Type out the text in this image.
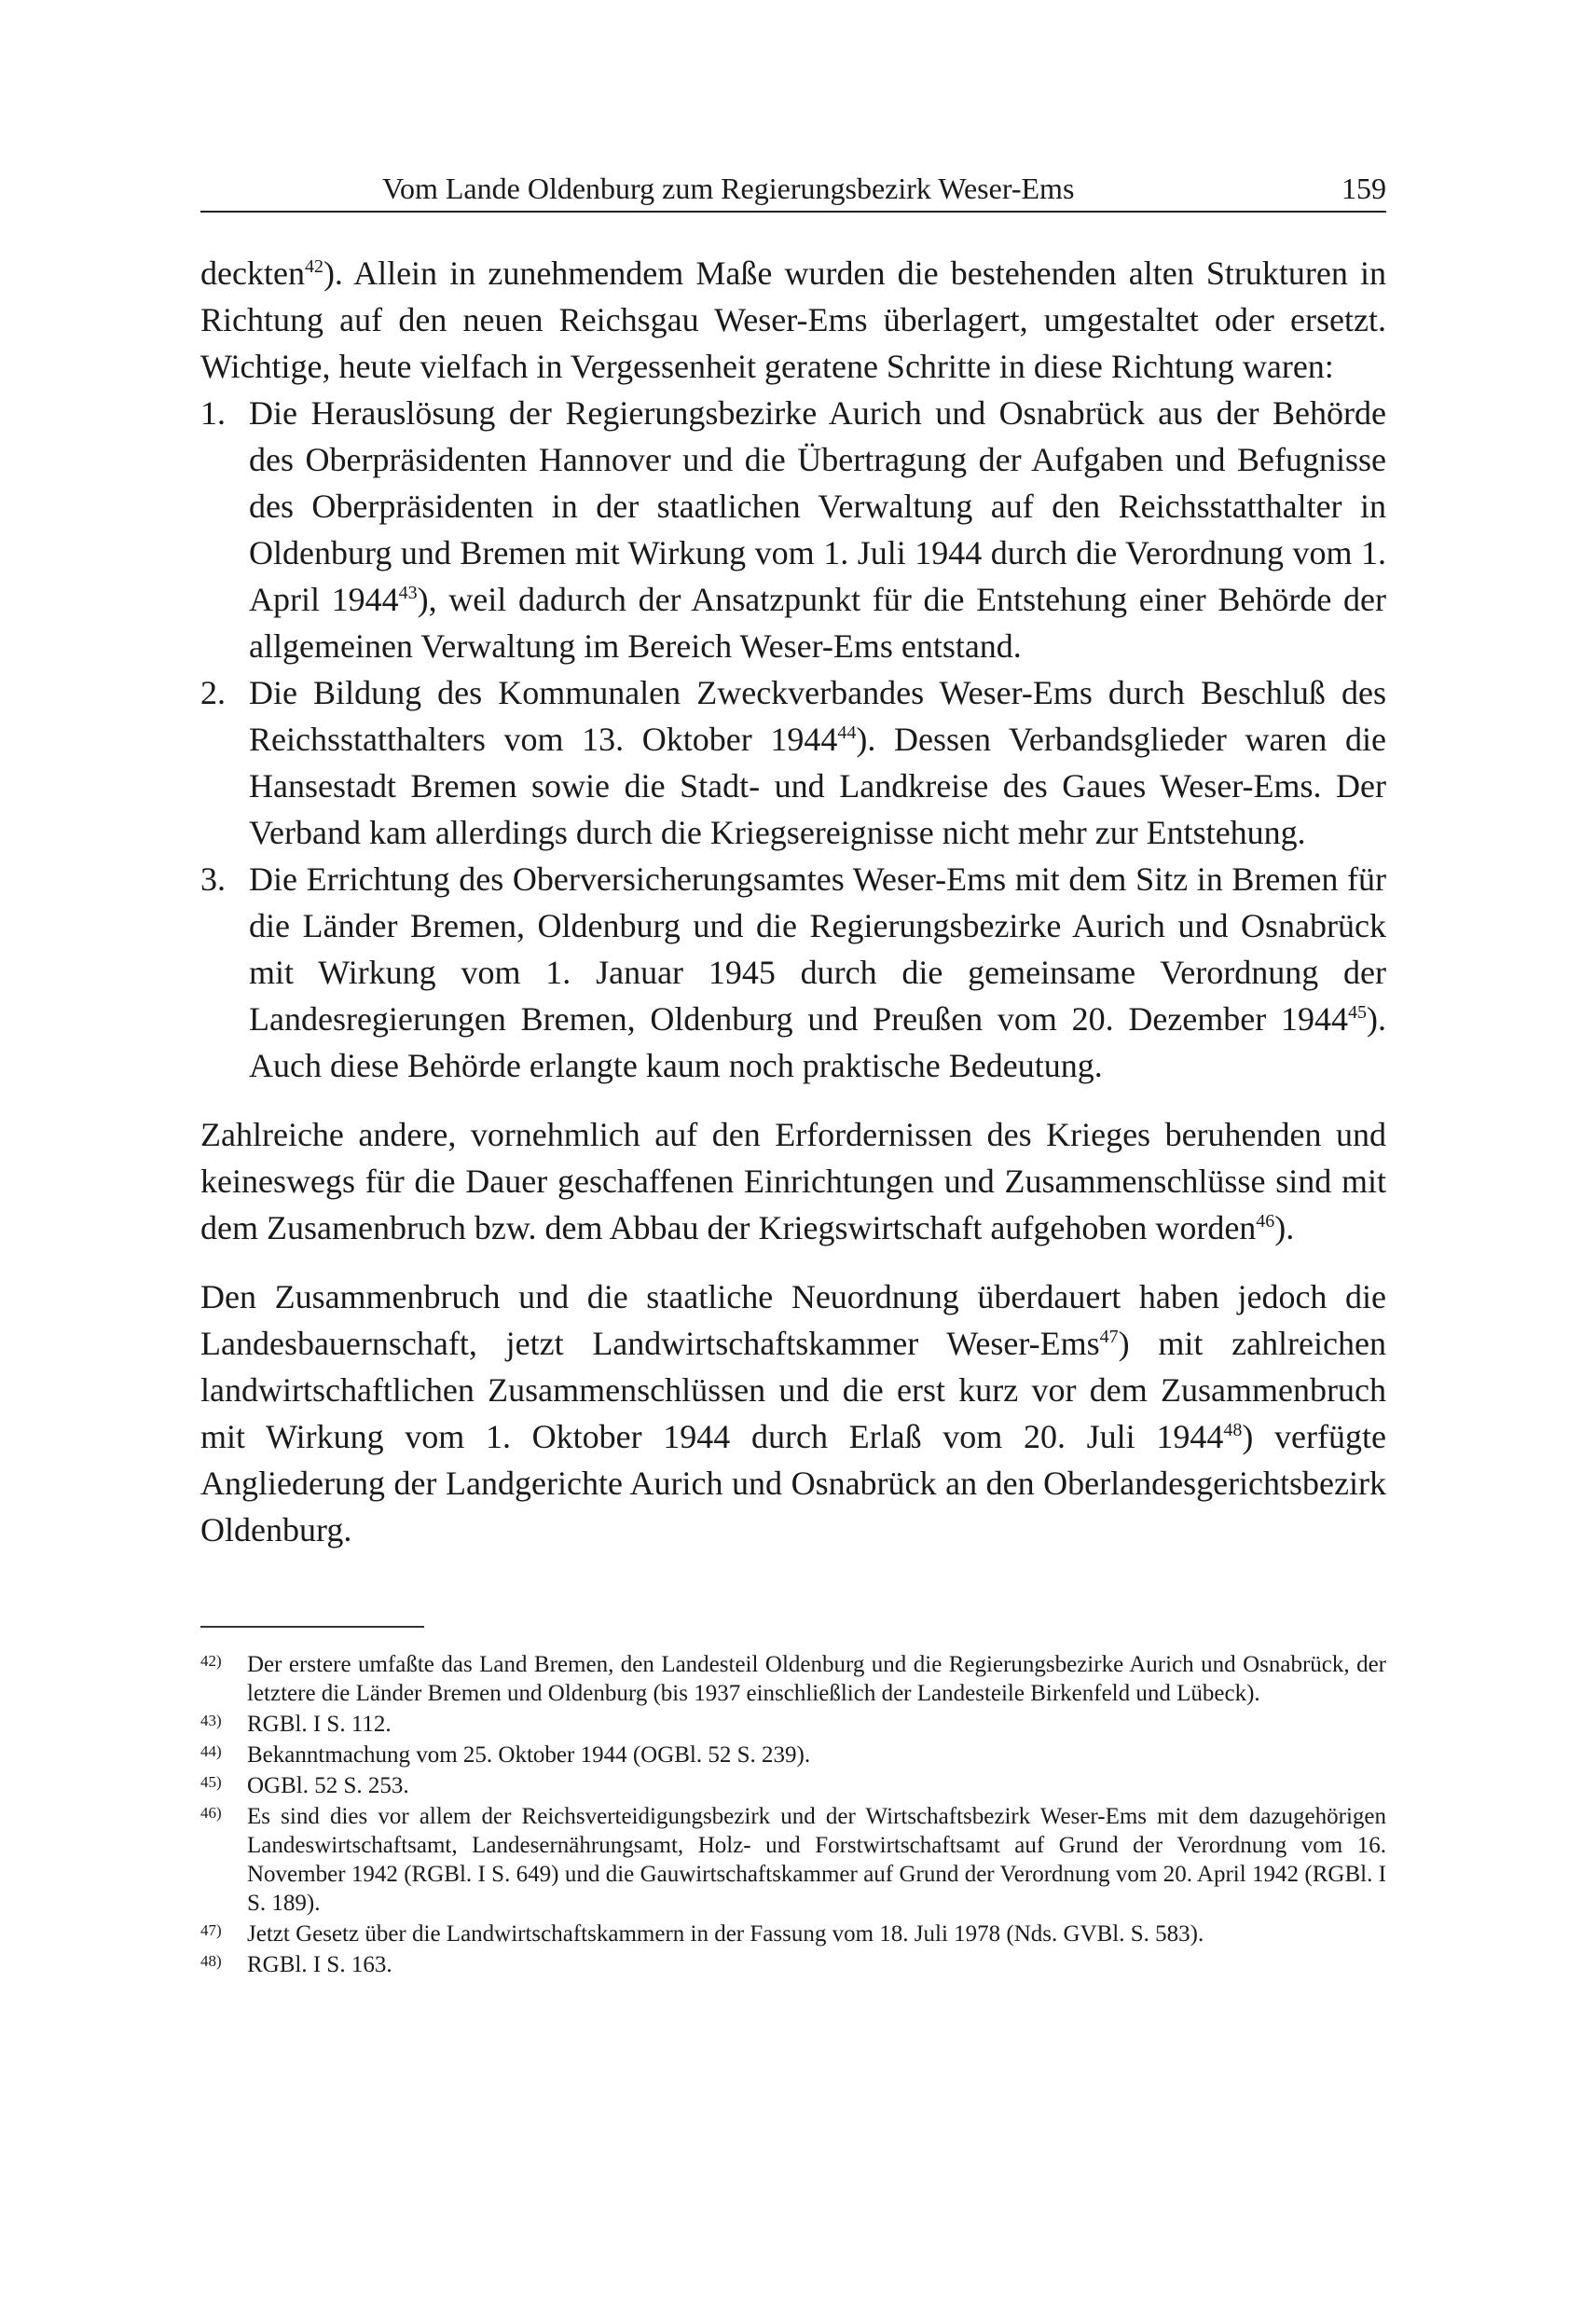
Vom Lande Oldenburg zum Regierungsbezirk Weser-Ems	159

deckten$^{42}$). Allein in zunehmendem Maße wurden die bestehenden alten Strukturen in Richtung auf den neuen Reichsgau Weser-Ems überlagert, umgestaltet oder ersetzt. Wichtige, heute vielfach in Vergessenheit geratene Schritte in diese Richtung waren:

1. Die Herauslösung der Regierungsbezirke Aurich und Osnabrück aus der Behörde des Oberpräsidenten Hannover und die Übertragung der Aufgaben und Befugnisse des Oberpräsidenten in der staatlichen Verwaltung auf den Reichsstatthalter in Oldenburg und Bremen mit Wirkung vom 1. Juli 1944 durch die Verordnung vom 1. April 1944$^{43}$), weil dadurch der Ansatzpunkt für die Entstehung einer Behörde der allgemeinen Verwaltung im Bereich Weser-Ems entstand.
2. Die Bildung des Kommunalen Zweckverbandes Weser-Ems durch Beschluß des Reichsstatthalters vom 13. Oktober 1944$^{44}$). Dessen Verbandsglieder waren die Hansestadt Bremen sowie die Stadt- und Landkreise des Gaues Weser-Ems. Der Verband kam allerdings durch die Kriegsereignisse nicht mehr zur Entstehung.
3. Die Errichtung des Oberversicherungsamtes Weser-Ems mit dem Sitz in Bremen für die Länder Bremen, Oldenburg und die Regierungsbezirke Aurich und Osnabrück mit Wirkung vom 1. Januar 1945 durch die gemeinsame Verordnung der Landesregierungen Bremen, Oldenburg und Preußen vom 20. Dezember 1944$^{45}$). Auch diese Behörde erlangte kaum noch praktische Bedeutung.

Zahlreiche andere, vornehmlich auf den Erfordernissen des Krieges beruhenden und keineswegs für die Dauer geschaffenen Einrichtungen und Zusammenschlüsse sind mit dem Zusamenbruch bzw. dem Abbau der Kriegswirtschaft aufgehoben worden$^{46}$).

Den Zusammenbruch und die staatliche Neuordnung überdauert haben jedoch die Landesbauernschaft, jetzt Landwirtschaftskammer Weser-Ems$^{47}$) mit zahlreichen landwirtschaftlichen Zusammenschlüssen und die erst kurz vor dem Zusammenbruch mit Wirkung vom 1. Oktober 1944 durch Erlaß vom 20. Juli 1944$^{48}$) verfügte Angliederung der Landgerichte Aurich und Osnabrück an den Oberlandesgerichtsbezirk Oldenburg.

42) Der erstere umfaßte das Land Bremen, den Landesteil Oldenburg und die Regierungsbezirke Aurich und Osnabrück, der letztere die Länder Bremen und Oldenburg (bis 1937 einschließlich der Landesteile Birkenfeld und Lübeck).
43) RGBl. I S. 112.
44) Bekanntmachung vom 25. Oktober 1944 (OGBl. 52 S. 239).
45) OGBl. 52 S. 253.
46) Es sind dies vor allem der Reichsverteidigungsbezirk und der Wirtschaftsbezirk Weser-Ems mit dem dazugehörigen Landeswirtschaftsamt, Landesernährungsamt, Holz- und Forstwirtschaftsamt auf Grund der Verordnung vom 16. November 1942 (RGBl. I S. 649) und die Gauwirtschaftskammer auf Grund der Verordnung vom 20. April 1942 (RGBl. I S. 189).
47) Jetzt Gesetz über die Landwirtschaftskammern in der Fassung vom 18. Juli 1978 (Nds. GVBl. S. 583).
48) RGBl. I S. 163.
